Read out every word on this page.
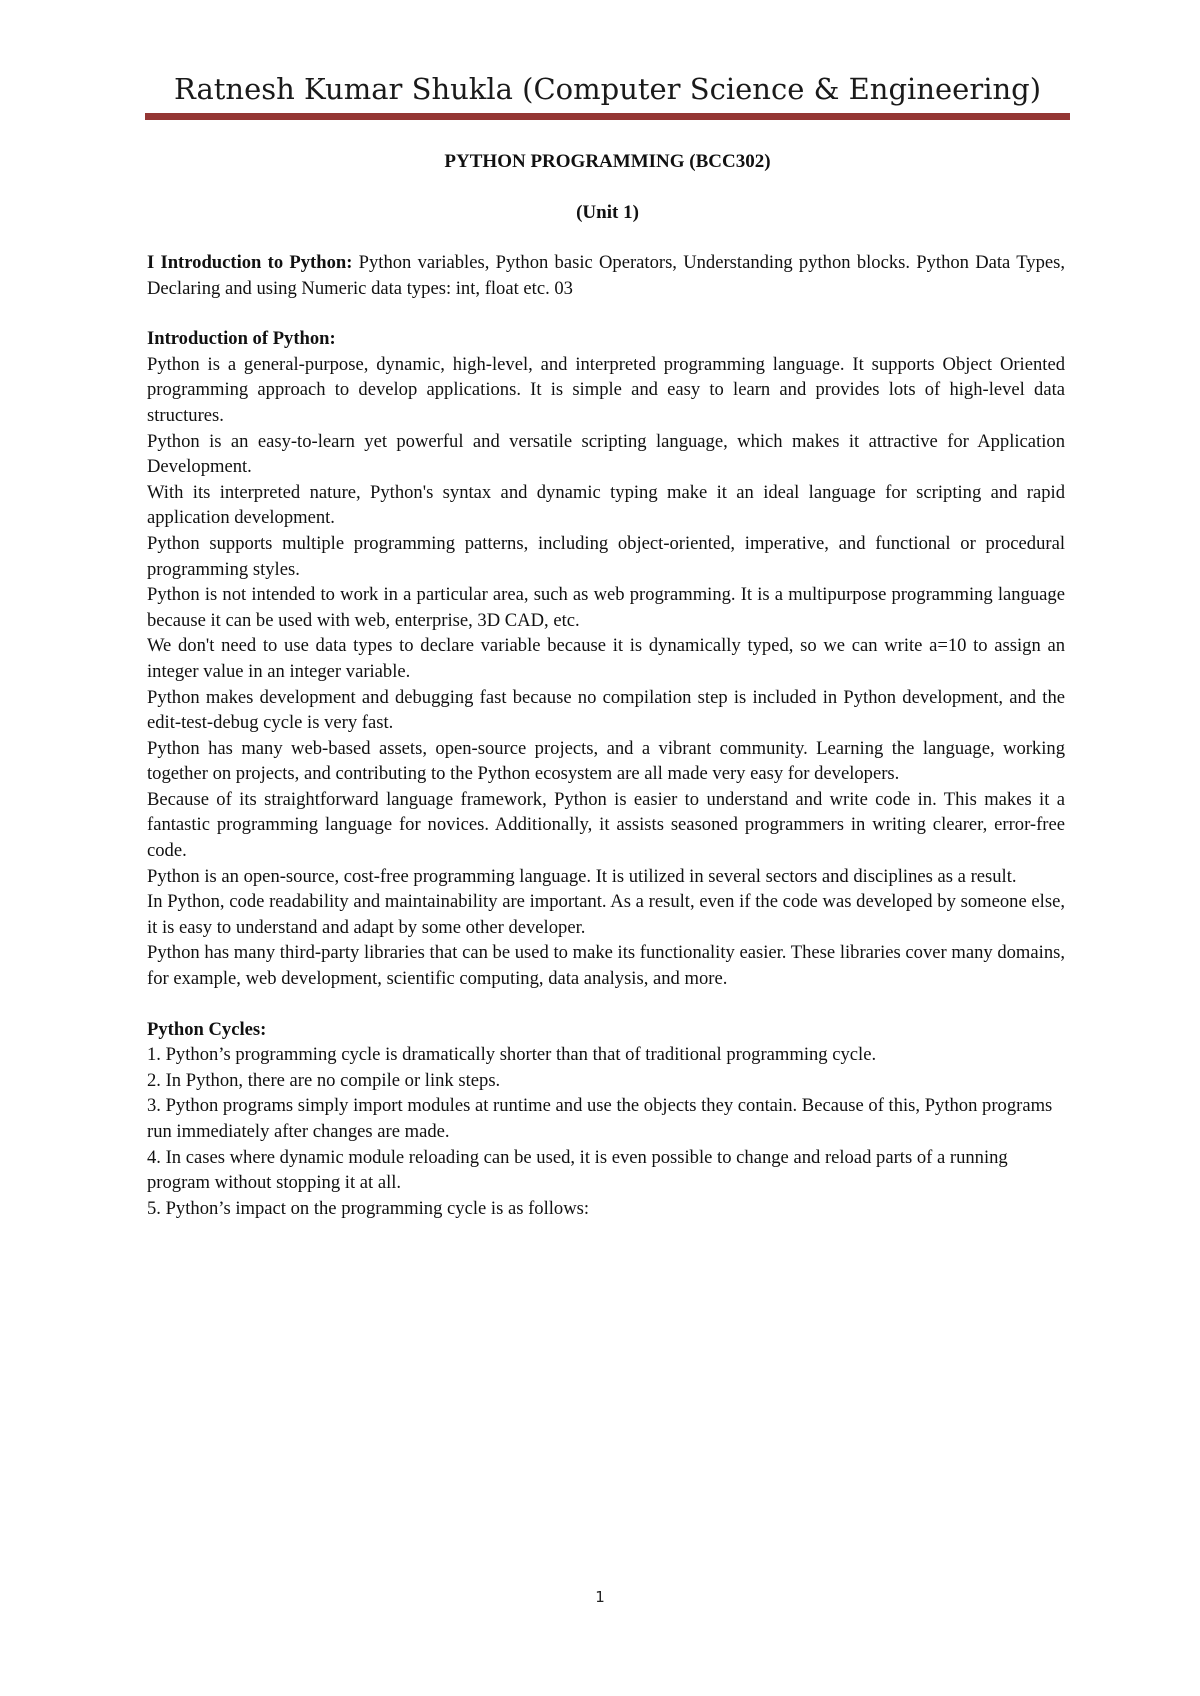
Ratnesh Kumar Shukla (Computer Science & Engineering)
PYTHON PROGRAMMING (BCC302)
(Unit 1)

I Introduction to Python: Python variables, Python basic Operators, Understanding python blocks. Python Data Types, Declaring and using Numeric data types: int, float etc. 03

Introduction of Python:

Python is a general-purpose, dynamic, high-level, and interpreted programming language. It supports Object Oriented programming approach to develop applications. It is simple and easy to learn and provides lots of high-level data structures.

Python is an easy-to-learn yet powerful and versatile scripting language, which makes it attractive for Application Development.

With its interpreted nature, Python's syntax and dynamic typing make it an ideal language for scripting and rapid application development.

Python supports multiple programming patterns, including object-oriented, imperative, and functional or procedural programming styles.

Python is not intended to work in a particular area, such as web programming. It is a multipurpose programming language because it can be used with web, enterprise, 3D CAD, etc.

We don't need to use data types to declare variable because it is dynamically typed, so we can write a=10 to assign an integer value in an integer variable.

Python makes development and debugging fast because no compilation step is included in Python development, and the edit-test-debug cycle is very fast.

Python has many web-based assets, open-source projects, and a vibrant community. Learning the language, working together on projects, and contributing to the Python ecosystem are all made very easy for developers.

Because of its straightforward language framework, Python is easier to understand and write code in. This makes it a fantastic programming language for novices. Additionally, it assists seasoned programmers in writing clearer, error-free code.

Python is an open-source, cost-free programming language. It is utilized in several sectors and disciplines as a result.

In Python, code readability and maintainability are important. As a result, even if the code was developed by someone else, it is easy to understand and adapt by some other developer.

Python has many third-party libraries that can be used to make its functionality easier. These libraries cover many domains, for example, web development, scientific computing, data analysis, and more.

Python Cycles:

1. Python’s programming cycle is dramatically shorter than that of traditional programming cycle.

2. In Python, there are no compile or link steps.

3. Python programs simply import modules at runtime and use the objects they contain. Because of this, Python programs run immediately after changes are made.

4. In cases where dynamic module reloading can be used, it is even possible to change and reload parts of a running program without stopping it at all.

5. Python’s impact on the programming cycle is as follows:

1
